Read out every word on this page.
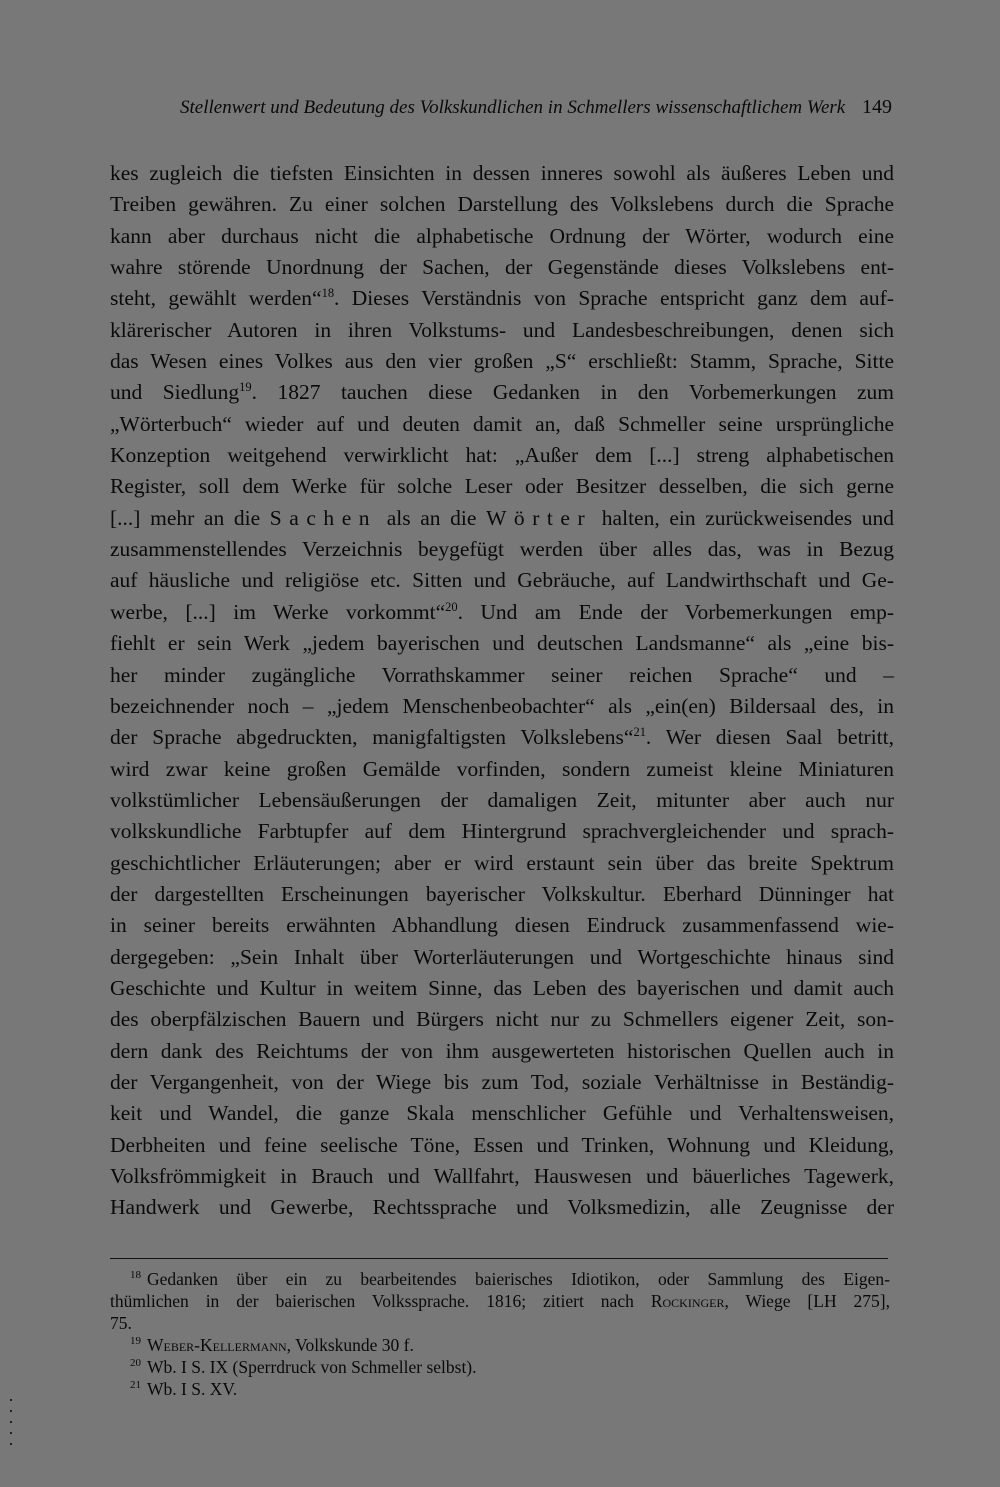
Stellenwert und Bedeutung des Volkskundlichen in Schmellers wissenschaftlichem Werk 149
kes zugleich die tiefsten Einsichten in dessen inneres sowohl als äußeres Leben und
Treiben gewähren. Zu einer solchen Darstellung des Volkslebens durch die Sprache
kann aber durchaus nicht die alphabetische Ordnung der Wörter, wodurch eine
wahre störende Unordnung der Sachen, der Gegenstände dieses Volkslebens ent-
steht, gewählt werden“$^{18}$. Dieses Verständnis von Sprache entspricht ganz dem auf-
klärerischer Autoren in ihren Volkstums- und Landesbeschreibungen, denen sich
das Wesen eines Volkes aus den vier großen „S“ erschließt: Stamm, Sprache, Sitte
und Siedlung$^{19}$. 1827 tauchen diese Gedanken in den Vorbemerkungen zum
„Wörterbuch“ wieder auf und deuten damit an, daß Schmeller seine ursprüngliche
Konzeption weitgehend verwirklicht hat: „Außer dem [...] streng alphabetischen
Register, soll dem Werke für solche Leser oder Besitzer desselben, die sich gerne
[...] mehr an die Sachen als an die Wörter halten, ein zurückweisendes und
zusammenstellendes Verzeichnis beygefügt werden über alles das, was in Bezug
auf häusliche und religiöse etc. Sitten und Gebräuche, auf Landwirthschaft und Ge-
werbe, [...] im Werke vorkommt“$^{20}$. Und am Ende der Vorbemerkungen emp-
fiehlt er sein Werk „jedem bayerischen und deutschen Landsmanne“ als „eine bis-
her minder zugängliche Vorrathskammer seiner reichen Sprache“ und –
bezeichnender noch – „jedem Menschenbeobachter“ als „ein(en) Bildersaal des, in
der Sprache abgedruckten, manigfaltigsten Volkslebens“$^{21}$. Wer diesen Saal betritt,
wird zwar keine großen Gemälde vorfinden, sondern zumeist kleine Miniaturen
volkstümlicher Lebensäußerungen der damaligen Zeit, mitunter aber auch nur
volkskundliche Farbtupfer auf dem Hintergrund sprachvergleichender und sprach-
geschichtlicher Erläuterungen; aber er wird erstaunt sein über das breite Spektrum
der dargestellten Erscheinungen bayerischer Volkskultur. Eberhard Dünninger hat
in seiner bereits erwähnten Abhandlung diesen Eindruck zusammenfassend wie-
dergegeben: „Sein Inhalt über Worterläuterungen und Wortgeschichte hinaus sind
Geschichte und Kultur in weitem Sinne, das Leben des bayerischen und damit auch
des oberpfälzischen Bauern und Bürgers nicht nur zu Schmellers eigener Zeit, son-
dern dank des Reichtums der von ihm ausgewerteten historischen Quellen auch in
der Vergangenheit, von der Wiege bis zum Tod, soziale Verhältnisse in Beständig-
keit und Wandel, die ganze Skala menschlicher Gefühle und Verhaltensweisen,
Derbheiten und feine seelische Töne, Essen und Trinken, Wohnung und Kleidung,
Volksfrömmigkeit in Brauch und Wallfahrt, Hauswesen und bäuerliches Tagewerk,
Handwerk und Gewerbe, Rechtssprache und Volksmedizin, alle Zeugnisse der
$^{18}$ Gedanken über ein zu bearbeitendes baierisches Idiotikon, oder Sammlung des Eigen-
thümlichen in der baierischen Volkssprache. 1816; zitiert nach Rockinger, Wiege [LH 275],
75.
$^{19}$ Weber-Kellermann, Volkskunde 30 f.
$^{20}$ Wb. I S. IX (Sperrdruck von Schmeller selbst).
$^{21}$ Wb. I S. XV.
